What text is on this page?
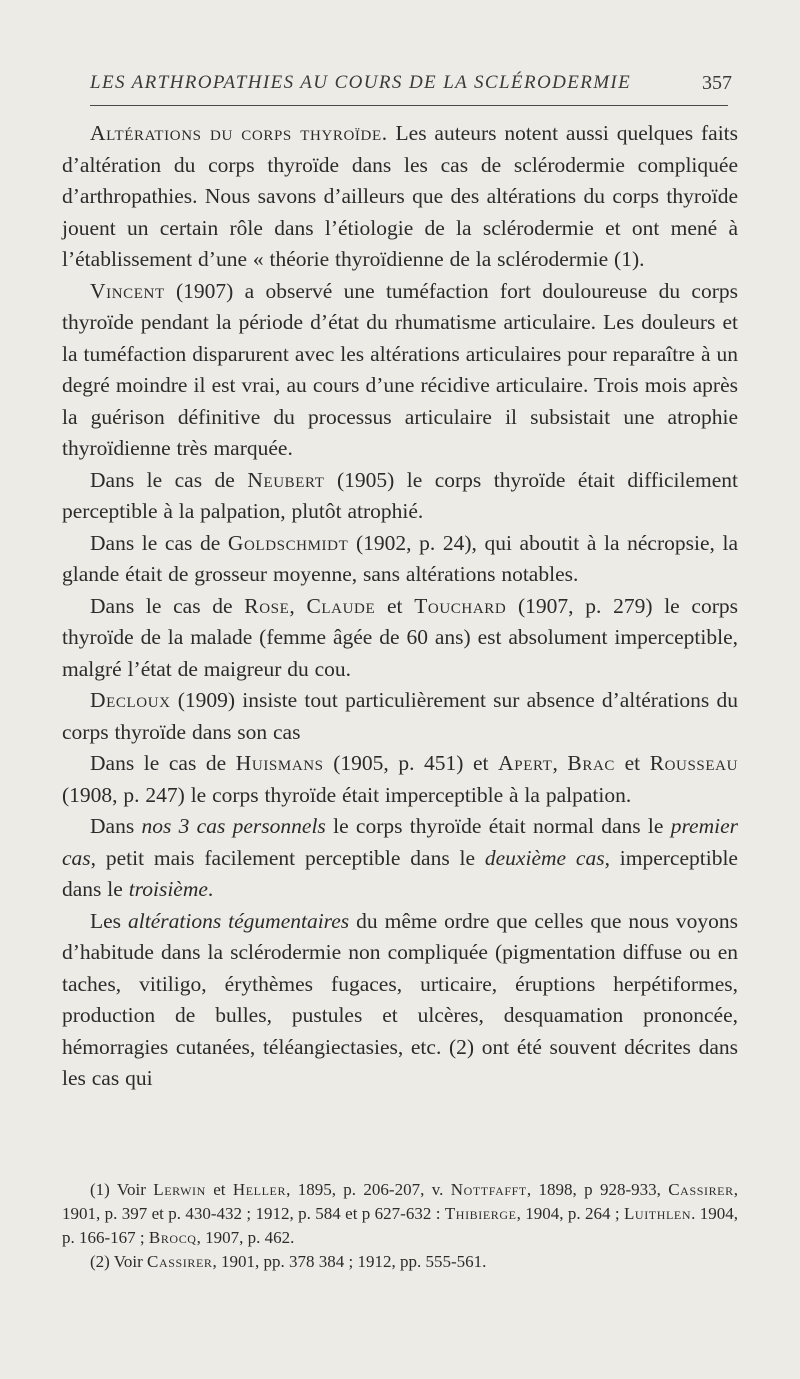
LES ARTHROPATHIES AU COURS DE LA SCLÉRODERMIE	357

Altérations du corps thyroïde. Les auteurs notent aussi quelques faits d’altération du corps thyroïde dans les cas de sclérodermie compliquée d’arthropathies. Nous savons d’ailleurs que des altérations du corps thyroïde jouent un certain rôle dans l’étiologie de la sclérodermie et ont mené à l’établissement d’une « théorie thyroïdienne de la sclérodermie (1).

Vincent (1907) a observé une tuméfaction fort douloureuse du corps thyroïde pendant la période d’état du rhumatisme articulaire. Les douleurs et la tuméfaction disparurent avec les altérations articulaires pour reparaître à un degré moindre il est vrai, au cours d’une récidive articulaire. Trois mois après la guérison définitive du processus articulaire il subsistait une atrophie thyroïdienne très marquée.

Dans le cas de Neubert (1905) le corps thyroïde était difficilement perceptible à la palpation, plutôt atrophié.

Dans le cas de Goldschmidt (1902, p. 24), qui aboutit à la nécropsie, la glande était de grosseur moyenne, sans altérations notables.

Dans le cas de Rose, Claude et Touchard (1907, p. 279) le corps thyroïde de la malade (femme âgée de 60 ans) est absolument imperceptible, malgré l’état de maigreur du cou.

Decloux (1909) insiste tout particulièrement sur absence d’altérations du corps thyroïde dans son cas

Dans le cas de Huismans (1905, p. 451) et Apert, Brac et Rousseau (1908, p. 247) le corps thyroïde était imperceptible à la palpation.

Dans nos 3 cas personnels le corps thyroïde était normal dans le premier cas, petit mais facilement perceptible dans le deuxième cas, imperceptible dans le troisième.

Les altérations tégumentaires du même ordre que celles que nous voyons d’habitude dans la sclérodermie non compliquée (pigmentation diffuse ou en taches, vitiligo, érythèmes fugaces, urticaire, éruptions herpétiformes, production de bulles, pustules et ulcères, desquamation prononcée, hémorragies cutanées, téléangiectasies, etc. (2) ont été souvent décrites dans les cas qui

(1) Voir Lerwin et Heller, 1895, p. 206-207, v. Nottfafft, 1898, p 928-933, Cassirer, 1901, p. 397 et p. 430-432 ; 1912, p. 584 et p 627-632 : Thibierge, 1904, p. 264 ; Luithlen. 1904, p. 166-167 ; Brocq, 1907, p. 462.

(2) Voir Cassirer, 1901, pp. 378 384 ; 1912, pp. 555-561.
